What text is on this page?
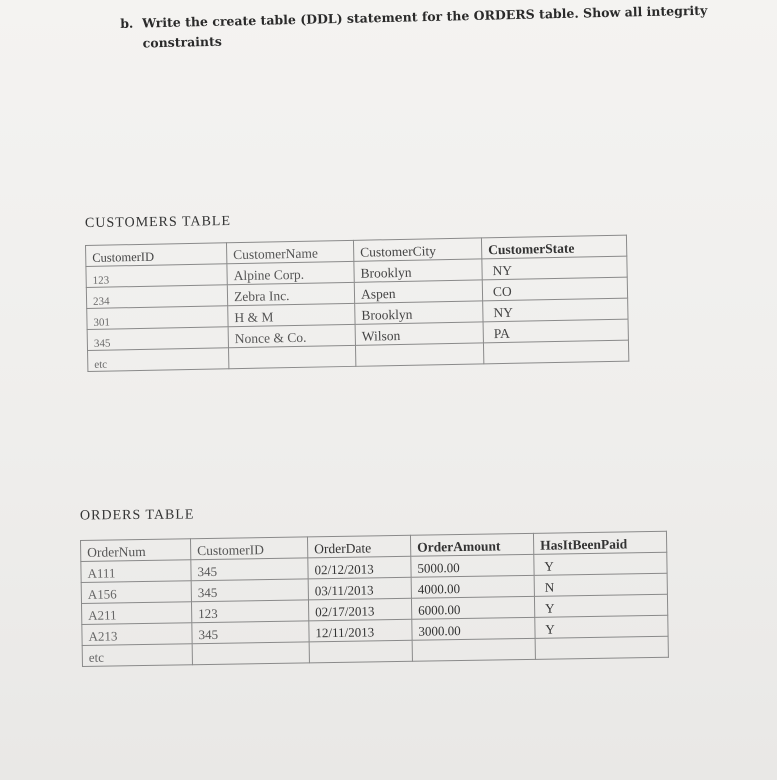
b. Write the create table (DDL) statement for the ORDERS table. Show all integrity
constraints
CUSTOMERS TABLE
CustomerID	CustomerName	CustomerCity	CustomerState
123	Alpine Corp.	Brooklyn	NY
234	Zebra Inc.	Aspen	CO
301	H & M	Brooklyn	NY
345	Nonce & Co.	Wilson	PA
etc			
ORDERS TABLE
OrderNum	CustomerID	OrderDate	OrderAmount	HasItBeenPaid
A111	345	02/12/2013	5000.00	Y
A156	345	03/11/2013	4000.00	N
A211	123	02/17/2013	6000.00	Y
A213	345	12/11/2013	3000.00	Y
etc				
